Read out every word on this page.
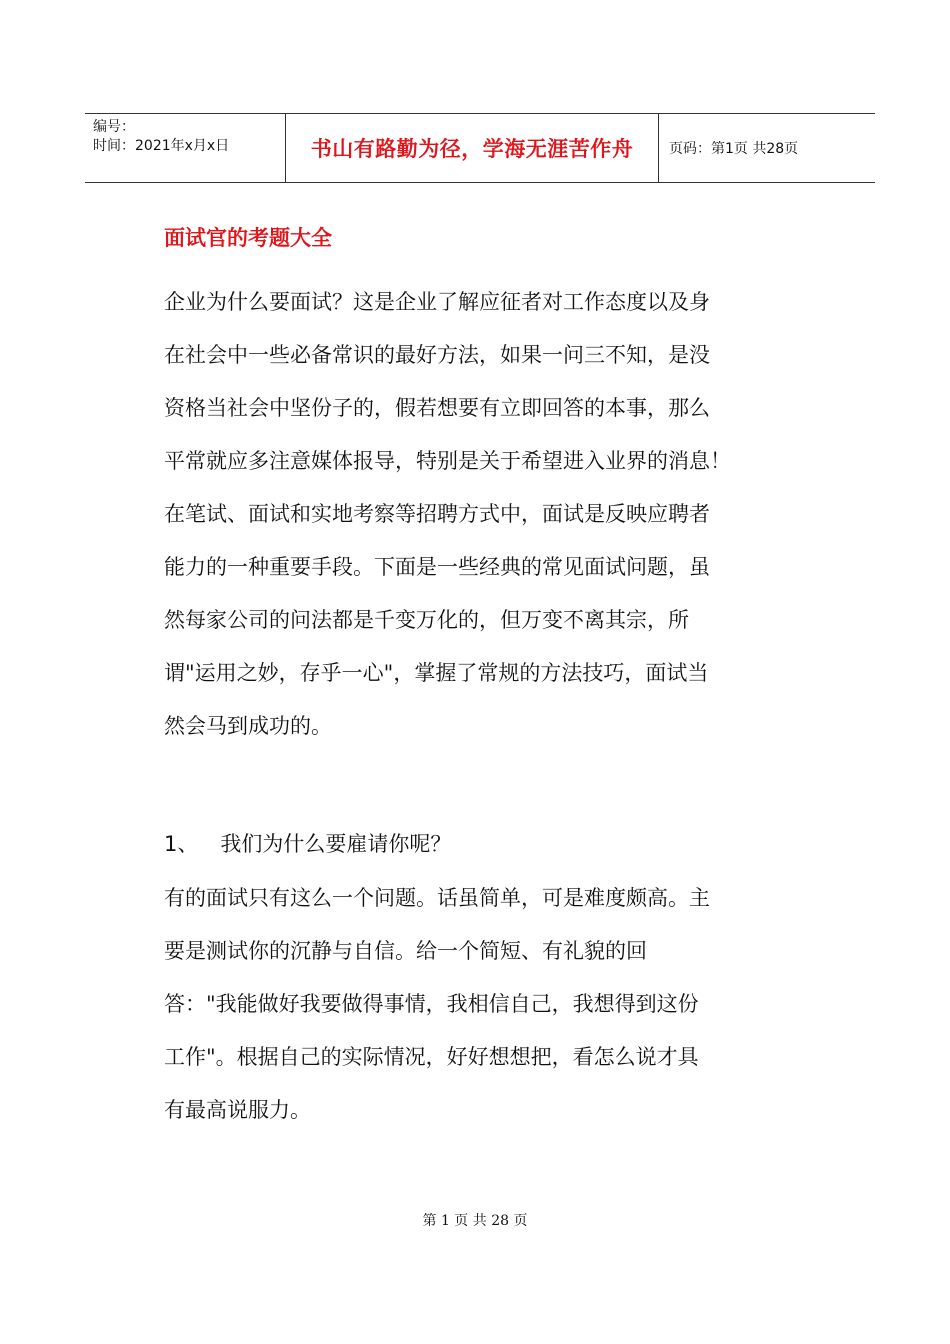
编号：
时间：2021年x月x日	书山有路勤为径，学海无涯苦作舟	页码：第1页 共28页
面试官的考题大全
企业为什么要面试？这是企业了解应征者对工作态度以及身
在社会中一些必备常识的最好方法，如果一问三不知，是没
资格当社会中坚份子的，假若想要有立即回答的本事，那么
平常就应多注意媒体报导，特别是关于希望进入业界的消息！
在笔试、面试和实地考察等招聘方式中，面试是反映应聘者
能力的一种重要手段。下面是一些经典的常见面试问题，虽
然每家公司的问法都是千变万化的，但万变不离其宗，所
谓"运用之妙，存乎一心"，掌握了常规的方法技巧，面试当
然会马到成功的。
1、 我们为什么要雇请你呢？
有的面试只有这么一个问题。话虽简单，可是难度颇高。主
要是测试你的沉静与自信。给一个简短、有礼貌的回
答："我能做好我要做得事情，我相信自己，我想得到这份
工作"。根据自己的实际情况，好好想想把，看怎么说才具
有最高说服力。
第 1 页 共 28 页
